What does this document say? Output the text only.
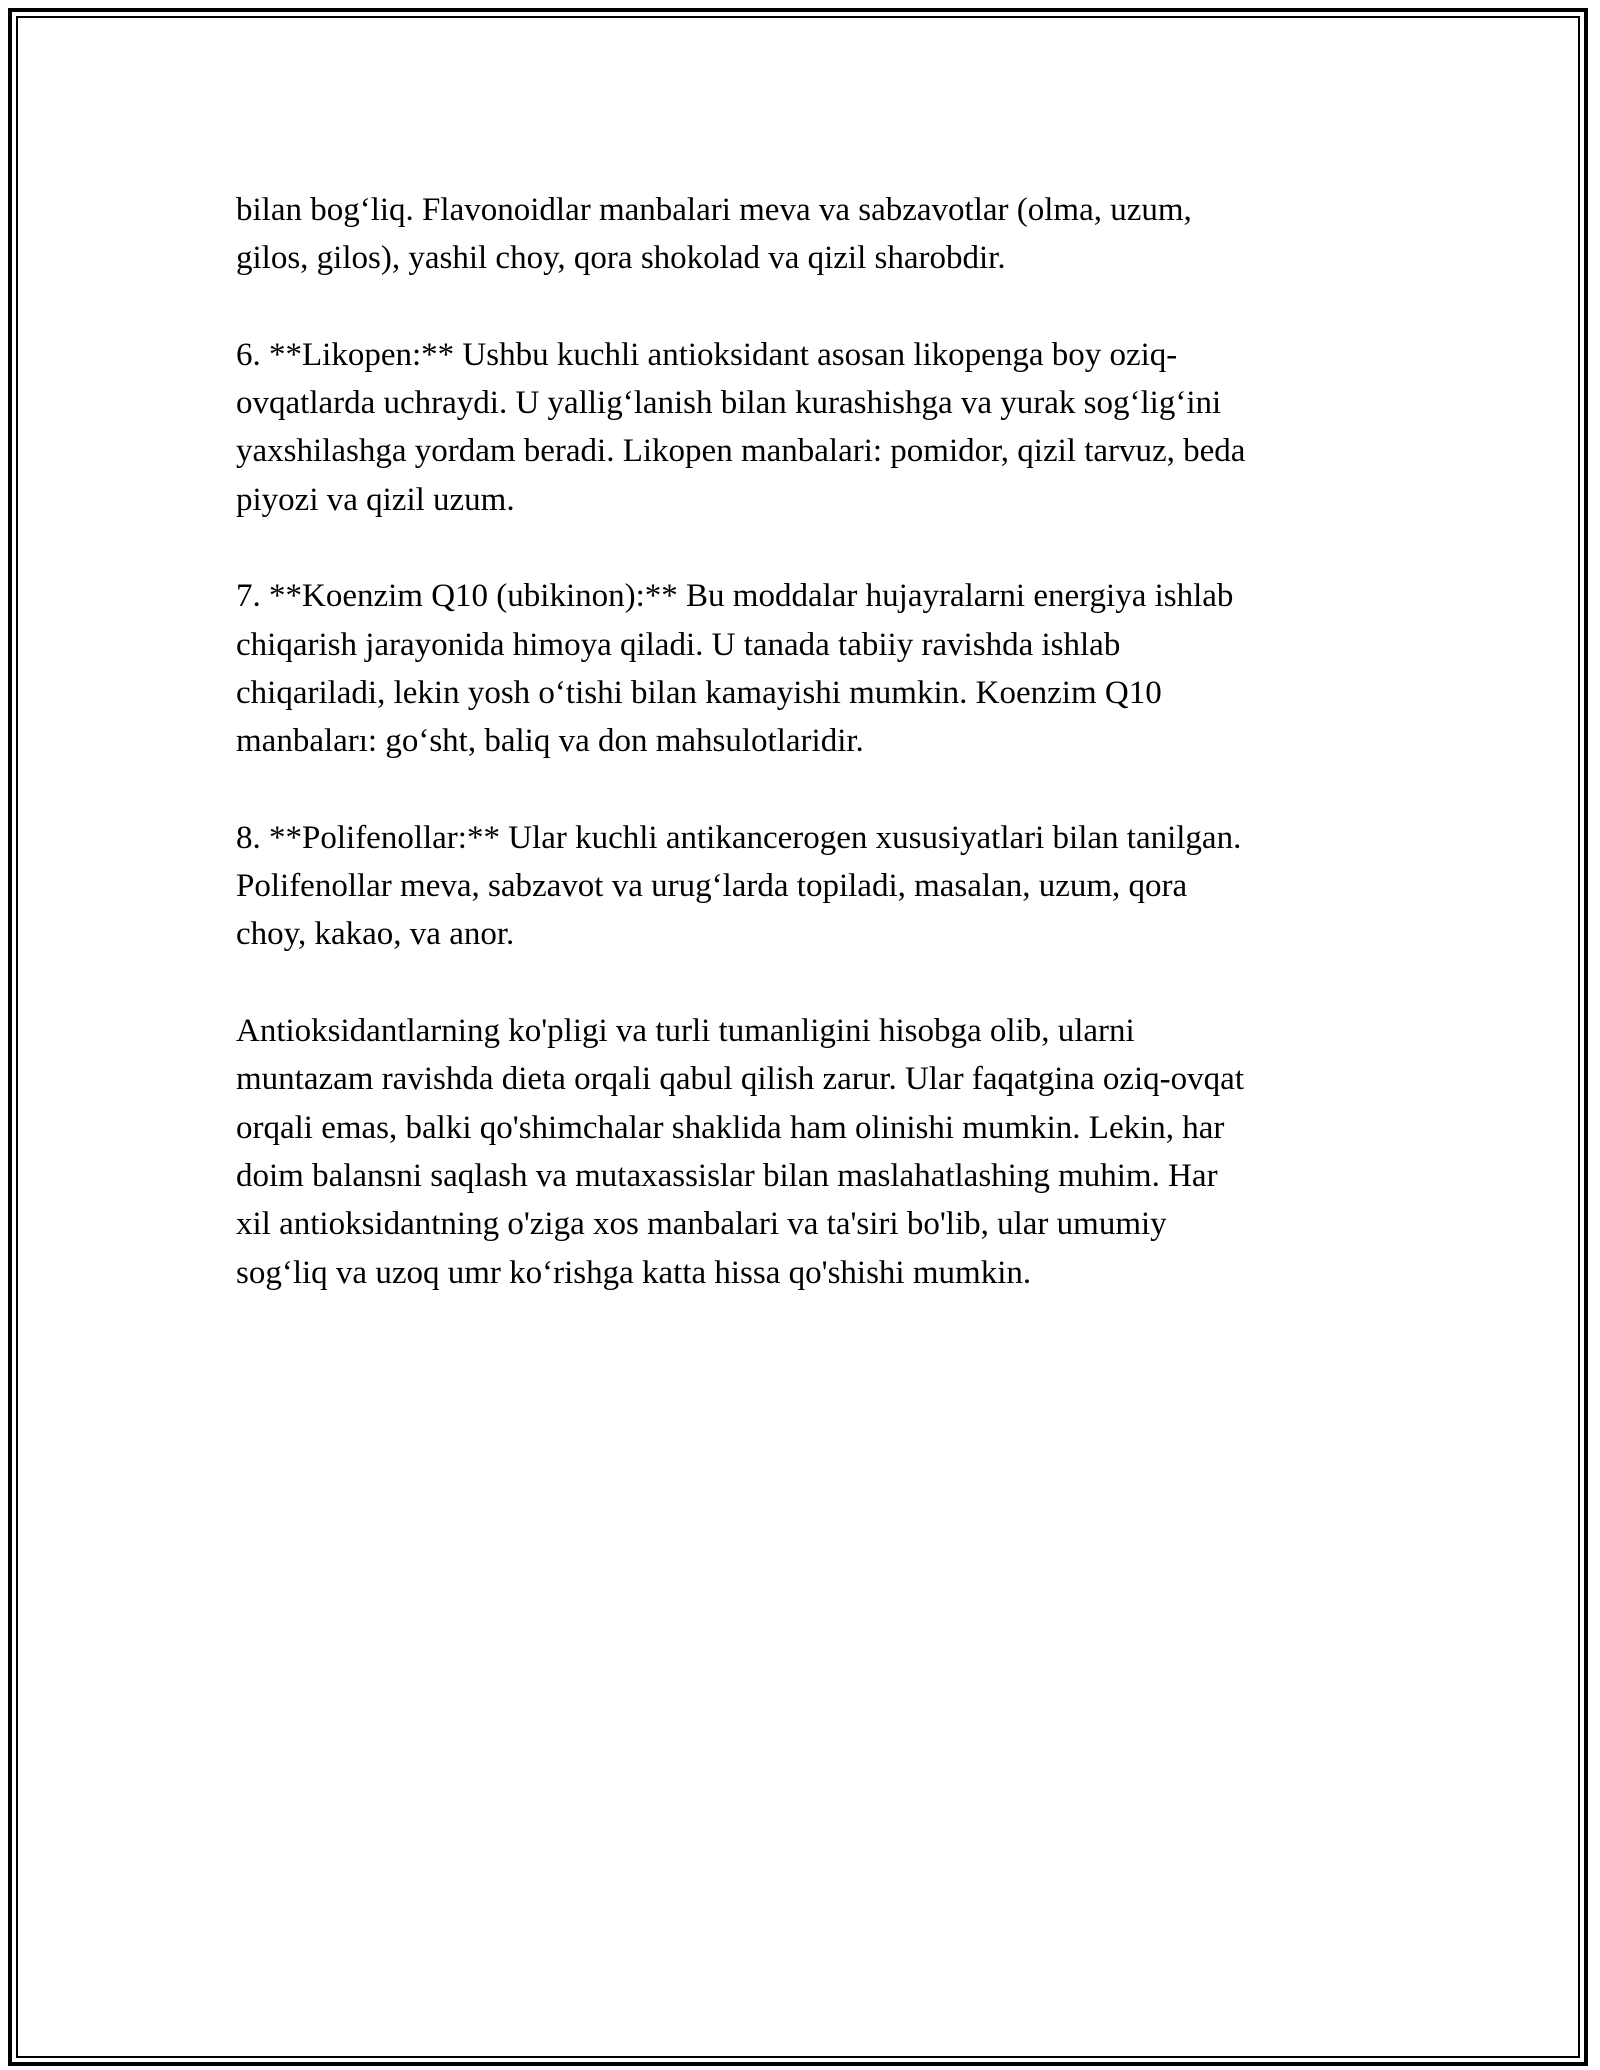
bilan bog‘liq. Flavonoidlar manbalari meva va sabzavotlar (olma, uzum,
gilos, gilos), yashil choy, qora shokolad va qizil sharobdir.

6. **Likopen:** Ushbu kuchli antioksidant asosan likopenga boy oziq-
ovqatlarda uchraydi. U yallig‘lanish bilan kurashishga va yurak sog‘lig‘ini
yaxshilashga yordam beradi. Likopen manbalari: pomidor, qizil tarvuz, beda
piyozi va qizil uzum.

7. **Koenzim Q10 (ubikinon):** Bu moddalar hujayralarni energiya ishlab
chiqarish jarayonida himoya qiladi. U tanada tabiiy ravishda ishlab
chiqariladi, lekin yosh o‘tishi bilan kamayishi mumkin. Koenzim Q10
manbaları: go‘sht, baliq va don mahsulotlaridir.

8. **Polifenollar:** Ular kuchli antikancerogen xususiyatlari bilan tanilgan.
Polifenollar meva, sabzavot va urug‘larda topiladi, masalan, uzum, qora
choy, kakao, va anor.

Antioksidantlarning ko'pligi va turli tumanligini hisobga olib, ularni
muntazam ravishda dieta orqali qabul qilish zarur. Ular faqatgina oziq-ovqat
orqali emas, balki qo'shimchalar shaklida ham olinishi mumkin. Lekin, har
doim balansni saqlash va mutaxassislar bilan maslahatlashing muhim. Har
xil antioksidantning o'ziga xos manbalari va ta'siri bo'lib, ular umumiy
sog‘liq va uzoq umr ko‘rishga katta hissa qo'shishi mumkin.
